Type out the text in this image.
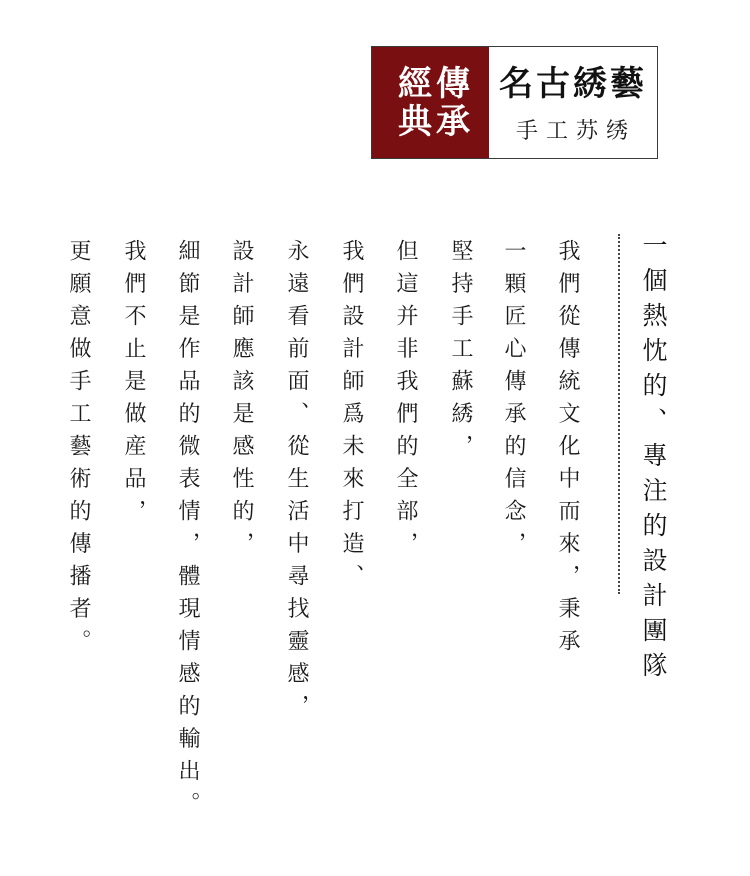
傳承
經典 名古綉藝
手工苏绣
一個熱忱的、專注的設計團隊
我們從傳統文化中而來，秉承
一顆匠心傳承的信念，
堅持手工蘇綉，
但這并非我們的全部，
我們設計師爲未來打造、
永遠看前面、從生活中尋找靈感，
設計師應該是感性的，
細節是作品的微表情，體現情感的輸出。
我們不止是做産品，
更願意做手工藝術的傳播者。
